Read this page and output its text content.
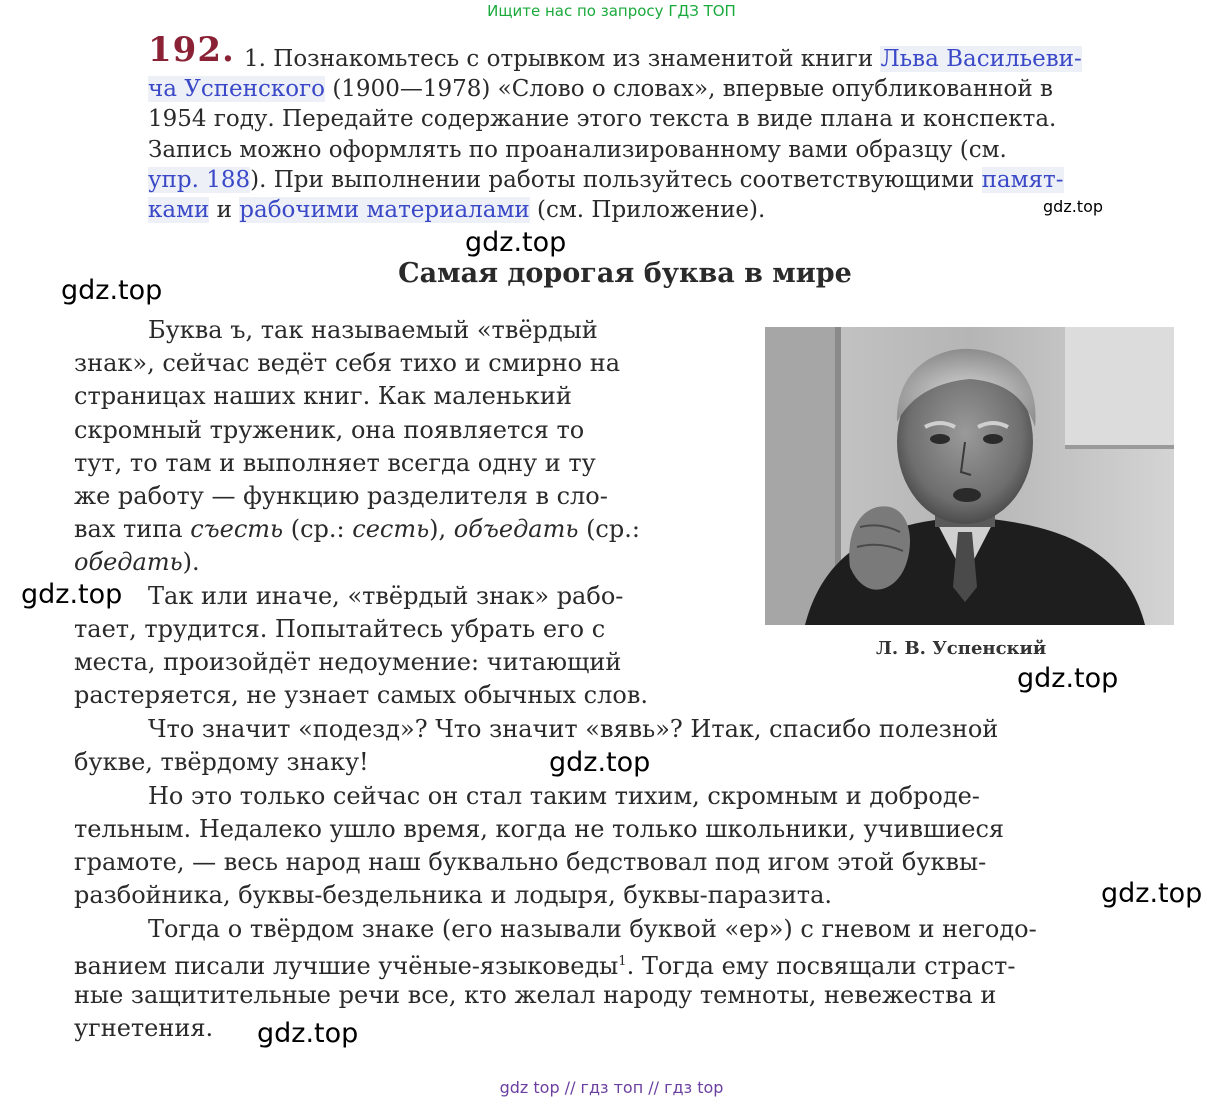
Ищите нас по запросу ГДЗ ТОП
192. 1. Познакомьтесь с отрывком из знаменитой книги Льва Васильеви-
ча Успенского (1900—1978) «Слово о словах», впервые опубликованной в
1954 году. Передайте содержание этого текста в виде плана и конспекта.
Запись можно оформлять по проанализированному вами образцу (см.
упр. 188). При выполнении работы пользуйтесь соответствующими памят-
ками и рабочими материалами (см. Приложение).
Самая дорогая буква в мире
Буква ъ, так называемый «твёрдый
знак», сейчас ведёт себя тихо и смирно на
страницах наших книг. Как маленький
скромный труженик, она появляется то
тут, то там и выполняет всегда одну и ту
же работу — функцию разделителя в сло-
вах типа съесть (ср.: сесть), объедать (ср.:
обедать).
Так или иначе, «твёрдый знак» рабо-
тает, трудится. Попытайтесь убрать его с
места, произойдёт недоумение: читающий
растеряется, не узнает самых обычных слов.
Что значит «подезд»? Что значит «вявь»? Итак, спасибо полезной
букве, твёрдому знаку!
Но это только сейчас он стал таким тихим, скромным и доброде-
тельным. Недалеко ушло время, когда не только школьники, учившиеся
грамоте, — весь народ наш буквально бедствовал под игом этой буквы-
разбойника, буквы-бездельника и лодыря, буквы-паразита.
Тогда о твёрдом знаке (его называли буквой «ер») с гневом и негодо-
ванием писали лучшие учёные-языковеды$^1$. Тогда ему посвящали страст-
ные защитительные речи все, кто желал народу темноты, невежества и
угнетения.
Л. В. Успенский
gdz.top
gdz.top
gdz.top
gdz.top
gdz.top
gdz.top
gdz.top
gdz.top
gdz top // гдз топ // гдз top
